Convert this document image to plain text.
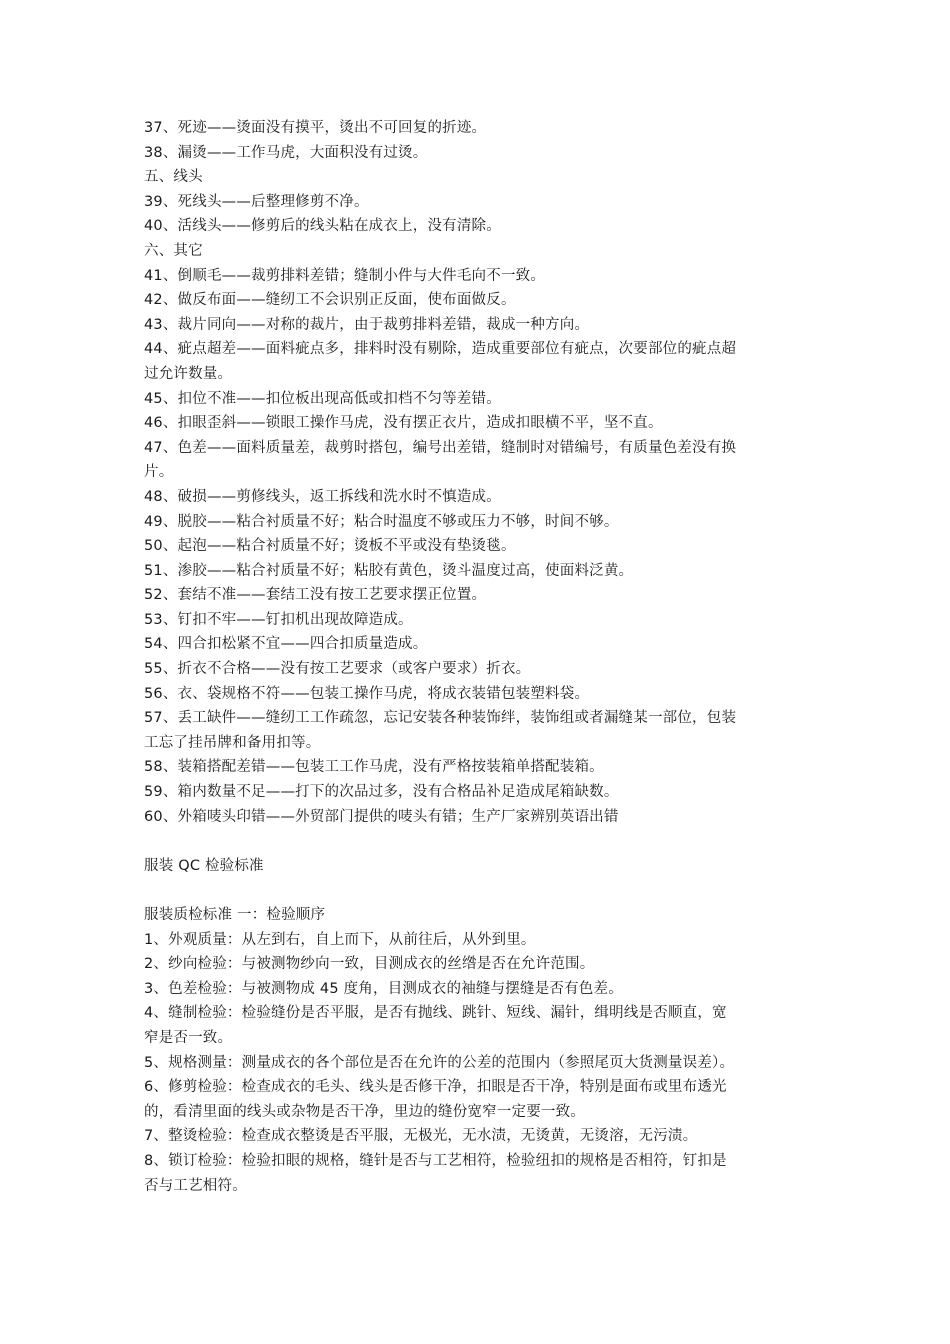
37、死迹——烫面没有摸平，烫出不可回复的折迹。
38、漏烫——工作马虎，大面积没有过烫。
五、线头
39、死线头——后整理修剪不净。
40、活线头——修剪后的线头粘在成衣上，没有清除。
六、其它
41、倒顺毛——裁剪排料差错；缝制小件与大件毛向不一致。
42、做反布面——缝纫工不会识别正反面，使布面做反。
43、裁片同向——对称的裁片，由于裁剪排料差错，裁成一种方向。
44、疵点超差——面料疵点多，排料时没有剔除，造成重要部位有疵点，次要部位的疵点超
过允许数量。
45、扣位不准——扣位板出现高低或扣档不匀等差错。
46、扣眼歪斜——锁眼工操作马虎，没有摆正衣片，造成扣眼横不平，坚不直。
47、色差——面料质量差，裁剪时搭包，编号出差错，缝制时对错编号，有质量色差没有换
片。
48、破损——剪修线头，返工拆线和洗水时不慎造成。
49、脱胶——粘合衬质量不好；粘合时温度不够或压力不够，时间不够。
50、起泡——粘合衬质量不好；烫板不平或没有垫烫毯。
51、渗胶——粘合衬质量不好；粘胶有黄色，烫斗温度过高，使面料泛黄。
52、套结不准——套结工没有按工艺要求摆正位置。
53、钉扣不牢——钉扣机出现故障造成。
54、四合扣松紧不宜——四合扣质量造成。
55、折衣不合格——没有按工艺要求（或客户要求）折衣。
56、衣、袋规格不符——包装工操作马虎，将成衣装错包装塑料袋。
57、丢工缺件——缝纫工工作疏忽，忘记安装各种装饰绊，装饰组或者漏缝某一部位，包装
工忘了挂吊牌和备用扣等。
58、装箱搭配差错——包装工工作马虎，没有严格按装箱单搭配装箱。
59、箱内数量不足——打下的次品过多，没有合格品补足造成尾箱缺数。
60、外箱唛头印错——外贸部门提供的唛头有错；生产厂家辨别英语出错
服装 QC 检验标准
服装质检标准 一：检验顺序
1、外观质量：从左到右，自上而下，从前往后，从外到里。
2、纱向检验：与被测物纱向一致，目测成衣的丝绺是否在允许范围。
3、色差检验：与被测物成 45 度角，目测成衣的袖缝与摆缝是否有色差。
4、缝制检验：检验缝份是否平服，是否有抛线、跳针、短线、漏针，缉明线是否顺直，宽
窄是否一致。
5、规格测量：测量成衣的各个部位是否在允许的公差的范围内（参照尾页大货测量误差）。
6、修剪检验：检查成衣的毛头、线头是否修干净，扣眼是否干净，特别是面布或里布透光
的，看清里面的线头或杂物是否干净，里边的缝份宽窄一定要一致。
7、整烫检验：检查成衣整烫是否平服，无极光，无水渍，无烫黄，无烫溶，无污渍。
8、锁订检验：检验扣眼的规格，缝针是否与工艺相符，检验纽扣的规格是否相符，钉扣是
否与工艺相符。
